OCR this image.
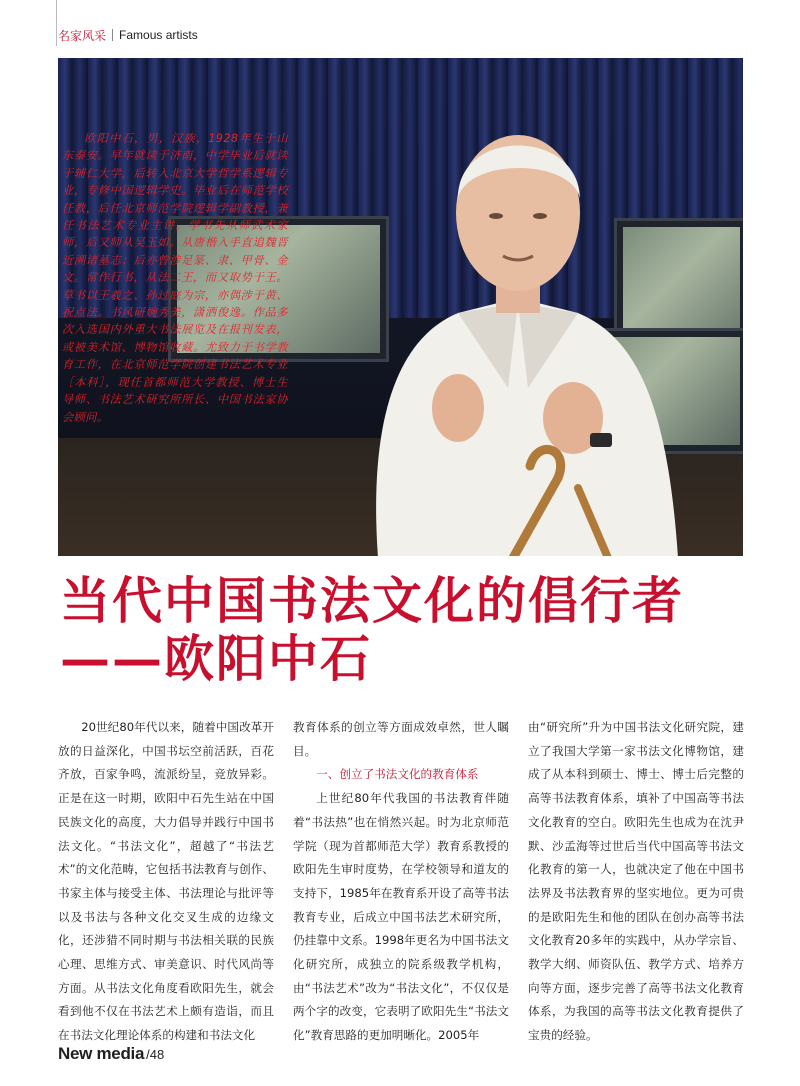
名家风采 Famous artists
欧阳中石，男，汉族，1928年生于山东泰安。早年就读于济南，中学毕业后就读于辅仁大学，后转入北京大学哲学系逻辑专业，专修中国逻辑学史。毕业后在师范学校任教，后任北京师范学院逻辑学副教授，兼任书法艺术专业主讲。学书先从师武术家师，后又师从吴玉如。从唐楷入手直追魏晋近溯诸墓志；后亦曾涉足篆、隶、甲骨、金文。常作行书，从法二王，而又取势于王。草书以王羲之、孙过庭为宗，亦偶涉于黄、祝点法。书风研婉秀美，潇洒俊逸。作品多次入选国内外重大书法展览及在报刊发表，或被美术馆、博物馆收藏。尤致力于书学教育工作，在北京师范学院创建书法艺术专业［本科］，现任首都师范大学教授、博士生导师、书法艺术研究所所长、中国书法家协会顾问。
当代中国书法文化的倡行者
——欧阳中石

20世纪80年代以来，随着中国改革开放的日益深化，中国书坛空前活跃，百花齐放，百家争鸣，流派纷呈，竞放异彩。正是在这一时期，欧阳中石先生站在中国民族文化的高度，大力倡导并践行中国书法文化。“书法文化”，超越了“书法艺术”的文化范畴，它包括书法教育与创作、书家主体与接受主体、书法理论与批评等以及书法与各种文化交叉生成的边缘文化，还涉猎不同时期与书法相关联的民族心理、思维方式、审美意识、时代风尚等方面。从书法文化角度看欧阳先生，就会看到他不仅在书法艺术上颇有造诣，而且在书法文化理论体系的构建和书法文化

教育体系的创立等方面成效卓然，世人瞩目。

一、创立了书法文化的教育体系

上世纪80年代我国的书法教育伴随着“书法热”也在悄然兴起。时为北京师范学院（现为首都师范大学）教育系教授的欧阳先生审时度势，在学校领导和道友的支持下，1985年在教育系开设了高等书法教育专业，后成立中国书法艺术研究所，仍挂靠中文系。1998年更名为中国书法文化研究所，成独立的院系级教学机构，由“书法艺术”改为“书法文化”，不仅仅是两个字的改变，它表明了欧阳先生“书法文化”教育思路的更加明晰化。2005年

由“研究所”升为中国书法文化研究院，建立了我国大学第一家书法文化博物馆，建成了从本科到硕士、博士、博士后完整的高等书法教育体系，填补了中国高等书法文化教育的空白。欧阳先生也成为在沈尹默、沙孟海等过世后当代中国高等书法文化教育的第一人，也就决定了他在中国书法界及书法教育界的坚实地位。更为可贵的是欧阳先生和他的团队在创办高等书法文化教育20多年的实践中，从办学宗旨、教学大纲、师资队伍、教学方式、培养方向等方面，逐步完善了高等书法文化教育体系，为我国的高等书法文化教育提供了宝贵的经验。

New media /48
